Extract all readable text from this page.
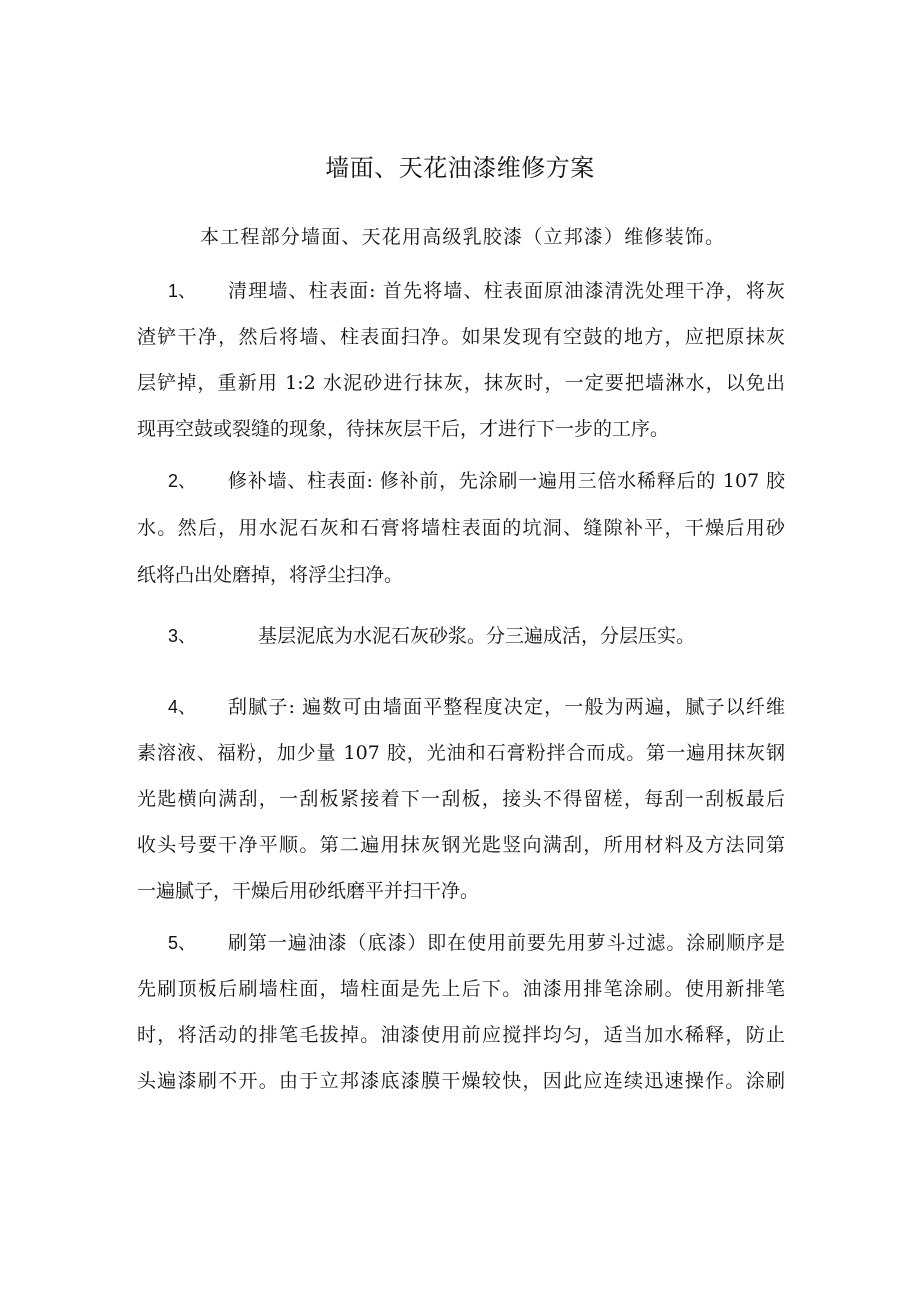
墙面、天花油漆维修方案
本工程部分墙面、天花用高级乳胶漆（立邦漆）维修装饰。
1、 清理墙、柱表面: 首先将墙、柱表面原油漆清洗处理干净，将灰
渣铲干净，然后将墙、柱表面扫净。如果发现有空鼓的地方，应把原抹灰
层铲掉，重新用 1:2 水泥砂进行抹灰，抹灰时，一定要把墙淋水，以免出
现再空鼓或裂缝的现象，待抹灰层干后，才进行下一步的工序。
2、 修补墙、柱表面: 修补前，先涂刷一遍用三倍水稀释后的 107 胶
水。然后，用水泥石灰和石膏将墙柱表面的坑洞、缝隙补平，干燥后用砂
纸将凸出处磨掉，将浮尘扫净。
3、	基层泥底为水泥石灰砂浆。分三遍成活，分层压实。
4、 刮腻子: 遍数可由墙面平整程度决定，一般为两遍，腻子以纤维
素溶液、福粉，加少量 107 胶，光油和石膏粉拌合而成。第一遍用抹灰钢
光匙横向满刮，一刮板紧接着下一刮板，接头不得留槎，每刮一刮板最后
收头号要干净平顺。第二遍用抹灰钢光匙竖向满刮，所用材料及方法同第
一遍腻子，干燥后用砂纸磨平并扫干净。
5、 刷第一遍油漆（底漆）即在使用前要先用萝斗过滤。涂刷顺序是
先刷顶板后刷墙柱面，墙柱面是先上后下。油漆用排笔涂刷。使用新排笔
时，将活动的排笔毛拔掉。油漆使用前应搅拌均匀，适当加水稀释，防止
头遍漆刷不开。由于立邦漆底漆膜干燥较快，因此应连续迅速操作。涂刷
